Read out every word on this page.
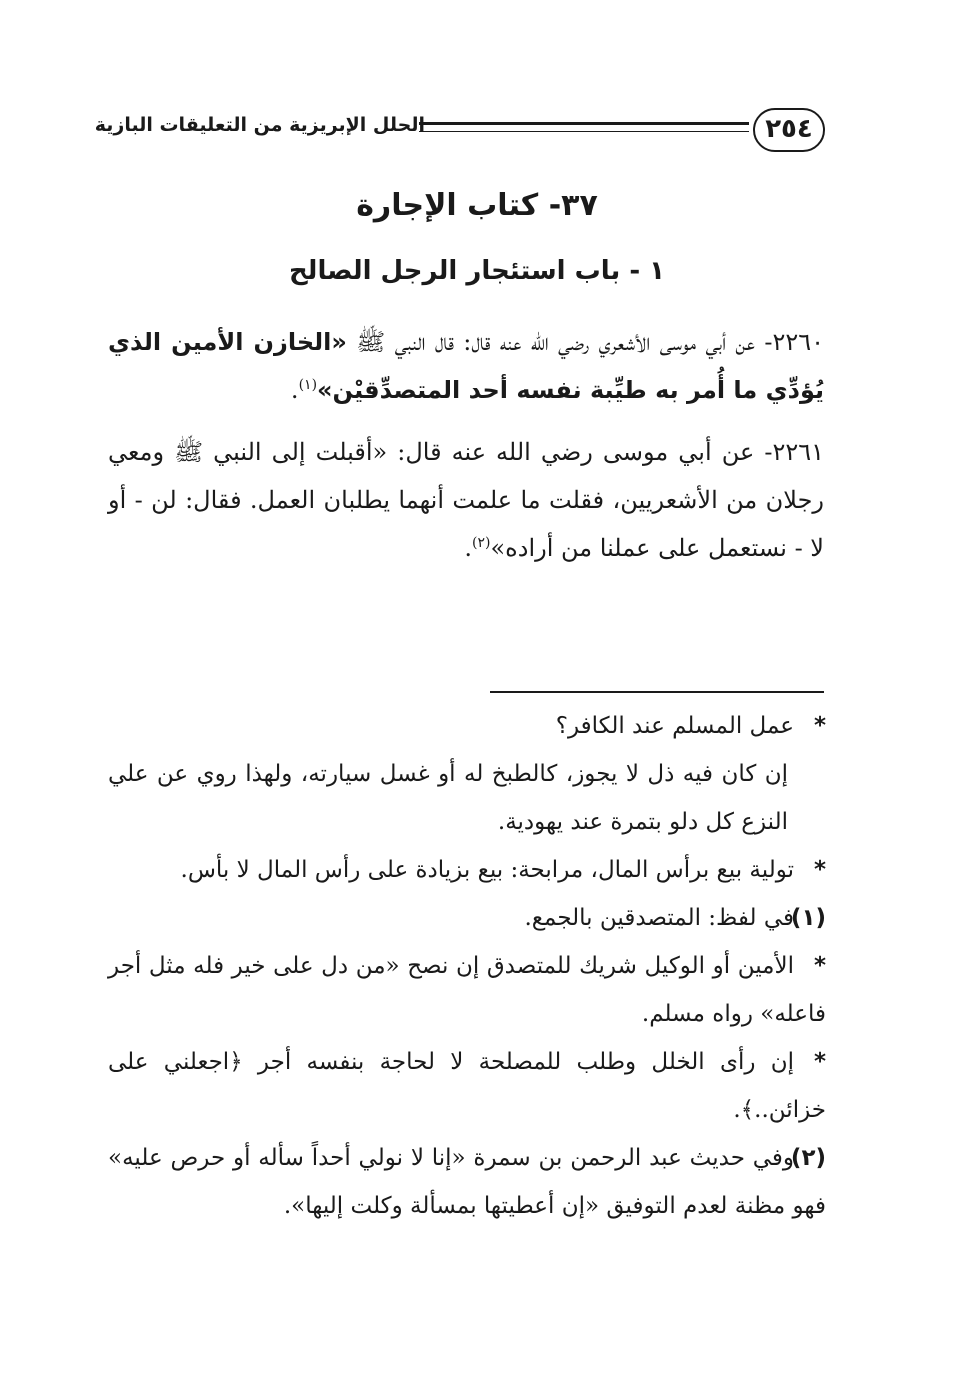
الحلل الإبريزية من التعليقات البازية	٢٥٤
٣٧- كتاب الإجارة
١ - باب استئجار الرجل الصالح
٢٢٦٠- عن أبي موسى الأشعري رضي الله عنه قال: قال النبي ﷺ «الخازن الأمين الذي يُؤدِّي ما أُمر به طيِّبة نفسه أحد المتصدِّقيْن»$^{(١)}$.
٢٢٦١- عن أبي موسى رضي الله عنه قال: «أقبلت إلى النبي ﷺ ومعي رجلان من الأشعريين، فقلت ما علمت أنهما يطلبان العمل. فقال: لن - أو لا - نستعمل على عملنا من أراده»$^{(٢)}$.

*عمل المسلم عند الكافر؟

إن كان فيه ذل لا يجوز، كالطبخ له أو غسل سيارته، ولهذا روي عن علي النزع كل دلو بتمرة عند يهودية.

*تولية بيع برأس المال، مرابحة: بيع بزيادة على رأس المال لا بأس.

(١)في لفظ: المتصدقين بالجمع.

*الأمين أو الوكيل شريك للمتصدق إن نصح «من دل على خير فله مثل أجر فاعله» رواه مسلم.

*إن رأى الخلل وطلب للمصلحة لا لحاجة بنفسه أجر ﴿اجعلني على خزائن..﴾.

(٢)وفي حديث عبد الرحمن بن سمرة «إنا لا نولي أحداً سأله أو حرص عليه» فهو مظنة لعدم التوفيق «إن أعطيتها بمسألة وكلت إليها».
